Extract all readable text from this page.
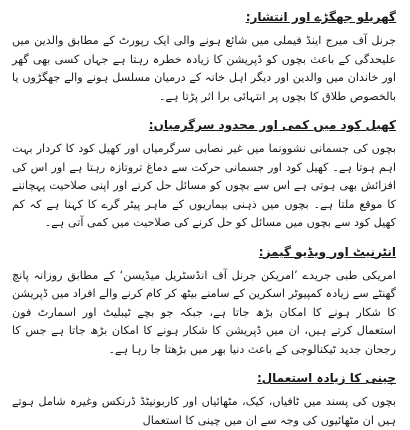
گھریلو جھگڑے اور انتشار:

جرنل آف میرج اینڈ فیملی میں شائع ہونے والی ایک رپورٹ کے مطابق والدین میں علیحدگی کے باعث بچوں کو ڈپریشن کا زیادہ خطرہ رہتا ہے جہاں کسی بھی گھر اور خاندان میں والدین اور دیگر اہل خانہ کے درمیان مسلسل ہونے والے جھگڑوں یا بالخصوص طلاق کا بچوں پر انتہائی برا اثر پڑتا ہے۔

کھیل کود میں کمی اور محدود سرگرمیاں:

بچوں کی جسمانی نشوونما میں غیر نصابی سرگرمیاں اور کھیل کود کا کردار بہت اہم ہوتا ہے۔ کھیل کود اور جسمانی حرکت سے دماغ تروتازہ رہتا ہے اور اس کی افزائش بھی ہوتی ہے اس سے بچوں کو مسائل حل کرنے اور اپنی صلاحیت پہچاننے کا موقع ملتا ہے۔ بچوں میں ذہنی بیماریوں کے ماہر پیٹر گرے کا کہنا ہے کہ کم کھیل کود سے بچوں میں مسائل کو حل کرنے کی صلاحیت میں کمی آتی ہے۔

انٹرنیٹ اور ویڈیو گیمز:

امریکی طبی جریدے ’امریکن جرنل آف انڈسٹریل میڈیسن‘ کے مطابق روزانہ پانچ گھنٹے سے زیادہ کمپیوٹر اسکرین کے سامنے بیٹھ کر کام کرنے والے افراد میں ڈپریشن کا شکار ہونے کا امکان بڑھ جاتا ہے، جبکہ جو بچے ٹیبلیٹ اور اسمارٹ فون استعمال کرتے ہیں، ان میں ڈپریشن کا شکار ہونے کا امکان بڑھ جاتا ہے جس کا رجحان جدید ٹیکنالوجی کے باعث دنیا بھر میں بڑھتا جا رہا ہے۔

چینی کا زیادہ استعمال:

بچوں کی پسند میں ٹافیاں، کیک، مٹھائیاں اور کاربونیٹڈ ڈرنکس وغیرہ شامل ہوتے ہیں ان مٹھائیوں کی وجہ سے ان میں چینی کا استعمال
